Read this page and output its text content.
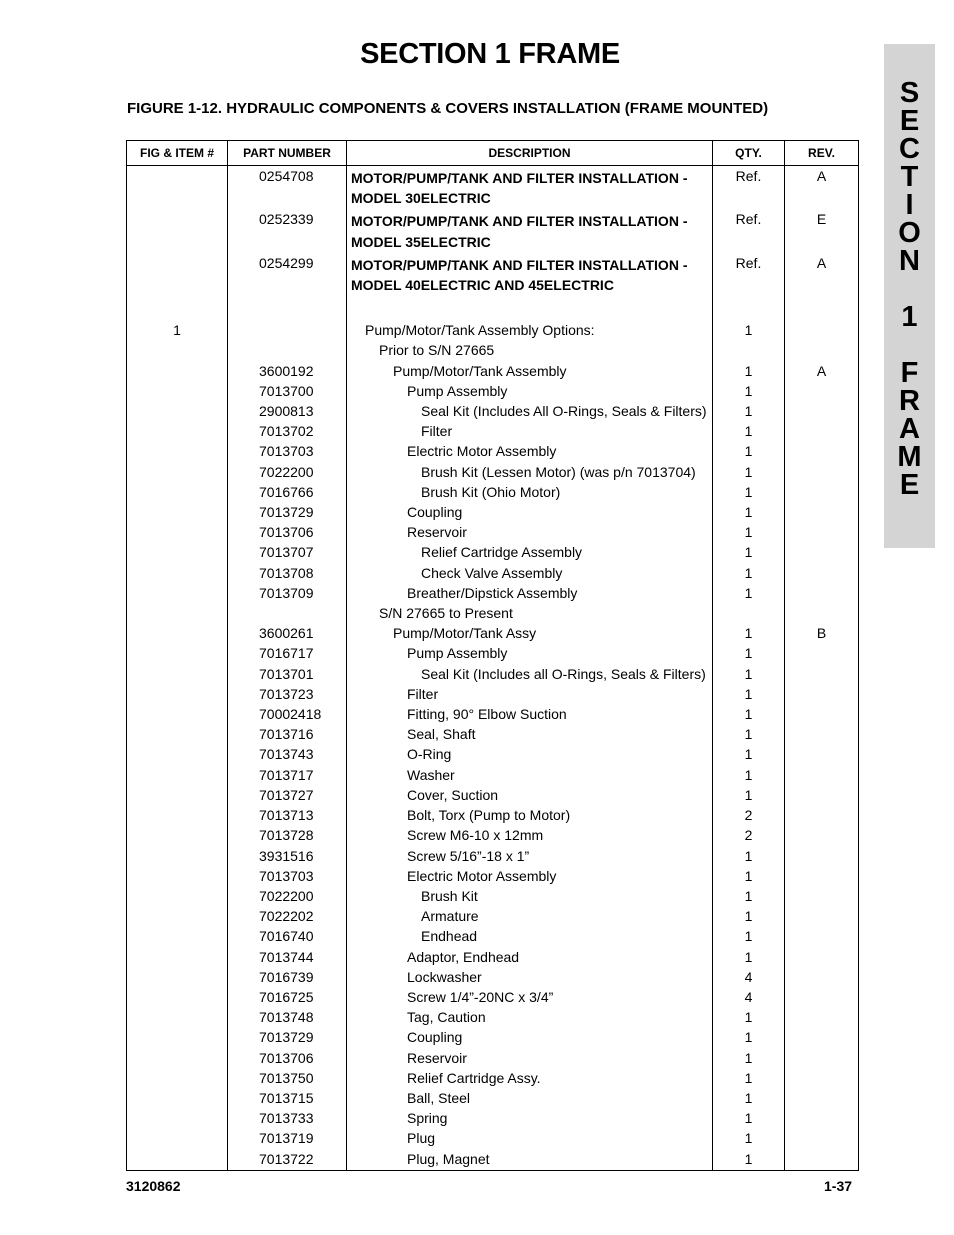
SECTION 1 FRAME
FIGURE 1-12. HYDRAULIC COMPONENTS & COVERS INSTALLATION (FRAME MOUNTED)	S
E
C
T
I
O
N
1
F
R
A
M
E
FIG & ITEM #	PART NUMBER	DESCRIPTION	QTY.	REV.
	0254708	MOTOR/PUMP/TANK AND FILTER INSTALLATION -
MODEL 30ELECTRIC	Ref.	A
	0252339	MOTOR/PUMP/TANK AND FILTER INSTALLATION -
MODEL 35ELECTRIC	Ref.	E
	0254299	MOTOR/PUMP/TANK AND FILTER INSTALLATION -
MODEL 40ELECTRIC AND 45ELECTRIC	Ref.	A
1		Pump/Motor/Tank Assembly Options:	1	
		Prior to S/N 27665		
	3600192	Pump/Motor/Tank Assembly	1	A
	7013700	Pump Assembly	1	
	2900813	Seal Kit (Includes All O-Rings, Seals & Filters)	1	
	7013702	Filter	1	
	7013703	Electric Motor Assembly	1	
	7022200	Brush Kit (Lessen Motor) (was p/n 7013704)	1	
	7016766	Brush Kit (Ohio Motor)	1	
	7013729	Coupling	1	
	7013706	Reservoir	1	
	7013707	Relief Cartridge Assembly	1	
	7013708	Check Valve Assembly	1	
	7013709	Breather/Dipstick Assembly	1	
		S/N 27665 to Present		
	3600261	Pump/Motor/Tank Assy	1	B
	7016717	Pump Assembly	1	
	7013701	Seal Kit (Includes all O-Rings, Seals & Filters)	1	
	7013723	Filter	1	
	70002418	Fitting, 90° Elbow Suction	1	
	7013716	Seal, Shaft	1	
	7013743	O-Ring	1	
	7013717	Washer	1	
	7013727	Cover, Suction	1	
	7013713	Bolt, Torx (Pump to Motor)	2	
	7013728	Screw M6-10 x 12mm	2	
	3931516	Screw 5/16”-18 x 1”	1	
	7013703	Electric Motor Assembly	1	
	7022200	Brush Kit	1	
	7022202	Armature	1	
	7016740	Endhead	1	
	7013744	Adaptor, Endhead	1	
	7016739	Lockwasher	4	
	7016725	Screw 1/4”-20NC x 3/4”	4	
	7013748	Tag, Caution	1	
	7013729	Coupling	1	
	7013706	Reservoir	1	
	7013750	Relief Cartridge Assy.	1	
	7013715	Ball, Steel	1	
	7013733	Spring	1	
	7013719	Plug	1	
	7013722	Plug, Magnet	1	
3120862	1-37
